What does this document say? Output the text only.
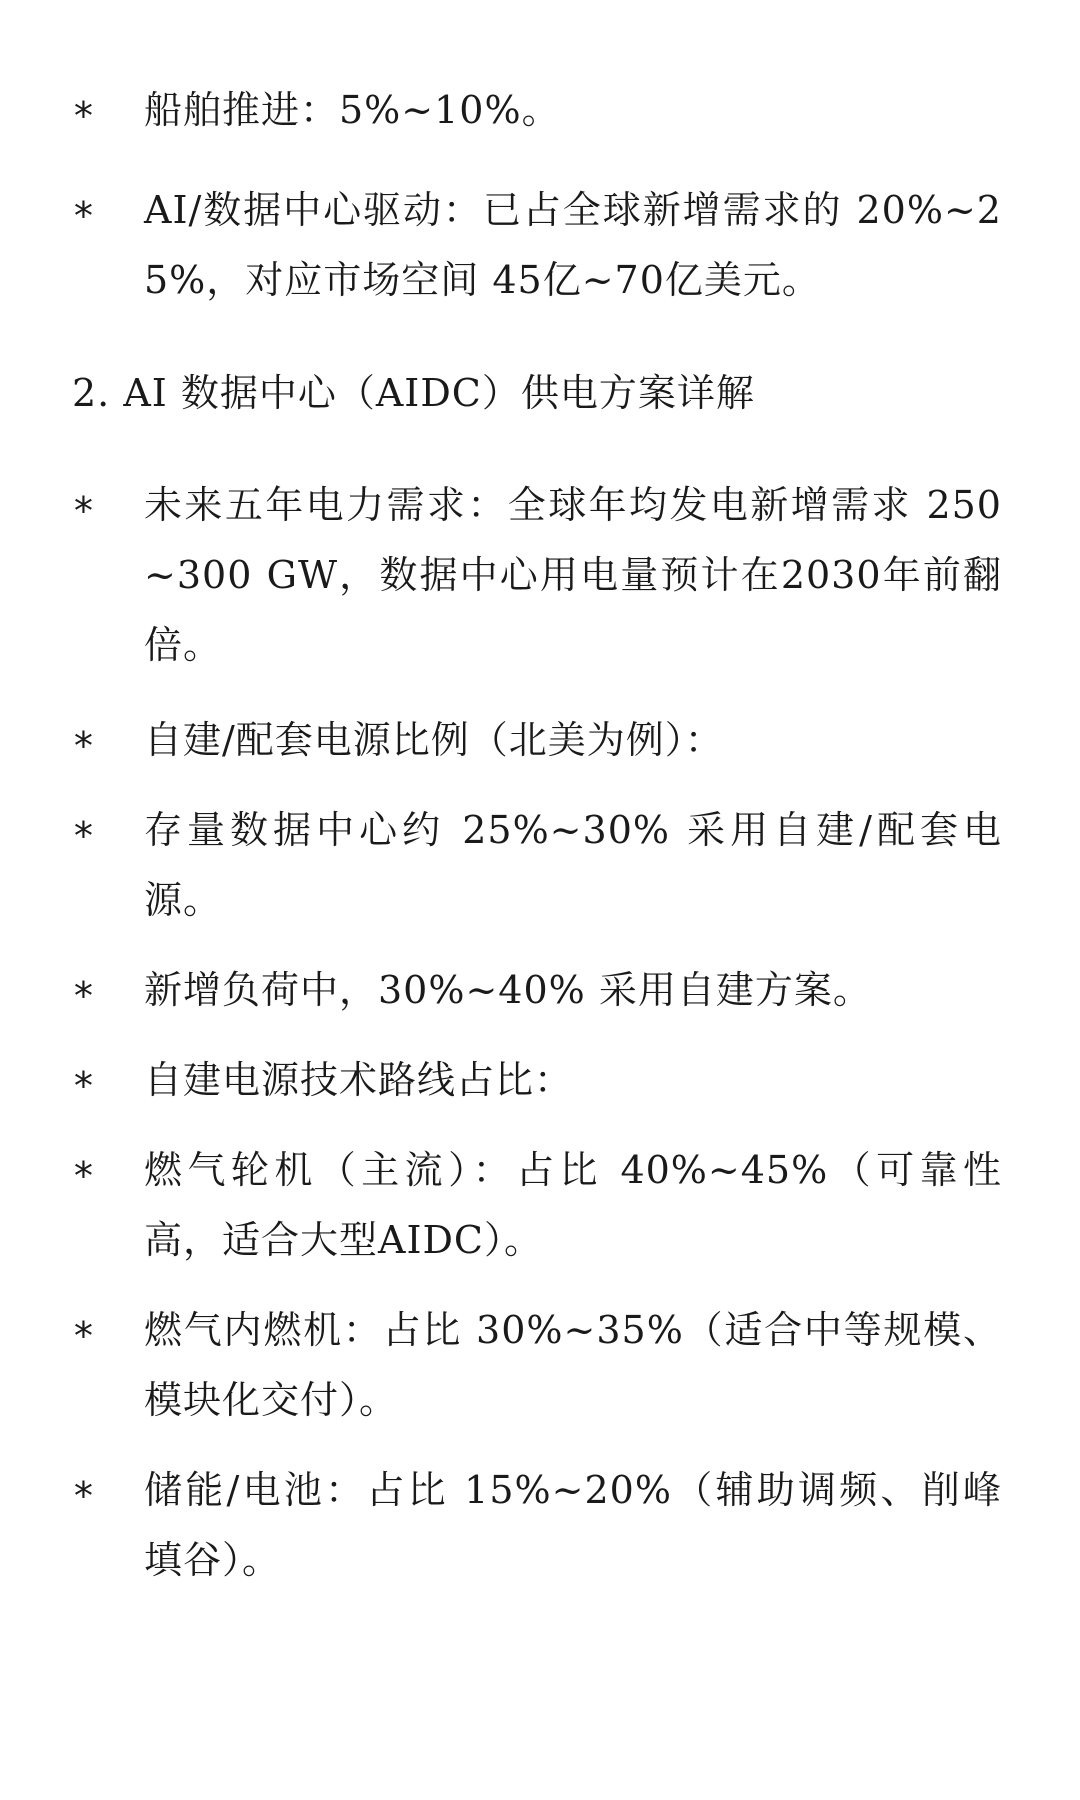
*	船舶推进：5%~10%。
*	AI/数据中心驱动：已占全球新增需求的 20%~25%，对应市场空间 45亿~70亿美元。
2. AI 数据中心（AIDC）供电方案详解
*	未来五年电力需求：全球年均发电新增需求 250~300 GW，数据中心用电量预计在2030年前翻倍。
*	自建/配套电源比例（北美为例）：
*	存量数据中心约 25%~30% 采用自建/配套电源。
*	新增负荷中，30%~40% 采用自建方案。
*	自建电源技术路线占比：
*	燃气轮机（主流）：占比 40%~45%（可靠性高，适合大型AIDC）。
*	燃气内燃机：占比 30%~35%（适合中等规模、模块化交付）。
*	储能/电池：占比 15%~20%（辅助调频、削峰填谷）。
